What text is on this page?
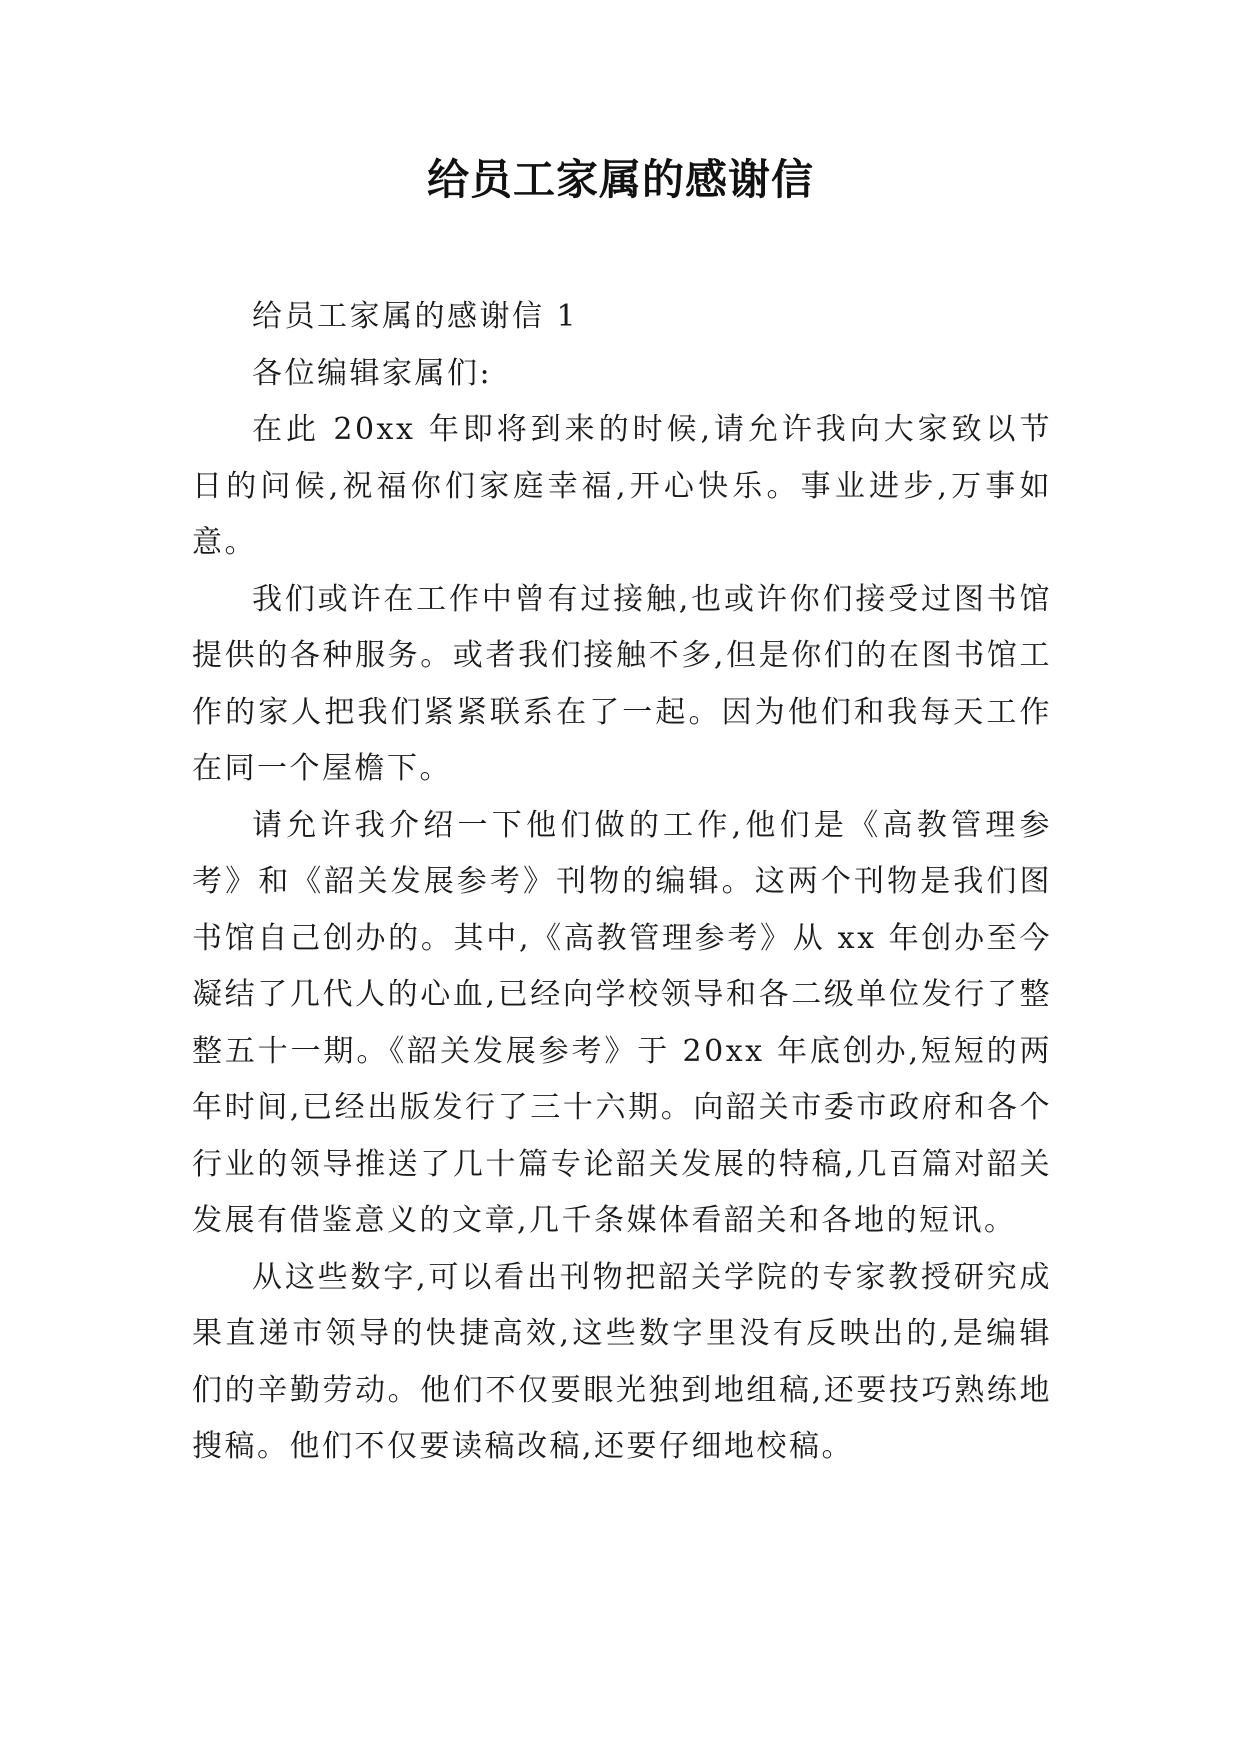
给员工家属的感谢信

给员工家属的感谢信 1

各位编辑家属们:

在此 20xx 年即将到来的时候,请允许我向大家致以节日的问候,祝福你们家庭幸福,开心快乐。事业进步,万事如意。

我们或许在工作中曾有过接触,也或许你们接受过图书馆提供的各种服务。或者我们接触不多,但是你们的在图书馆工作的家人把我们紧紧联系在了一起。因为他们和我每天工作在同一个屋檐下。

请允许我介绍一下他们做的工作,他们是《高教管理参考》和《韶关发展参考》刊物的编辑。这两个刊物是我们图书馆自己创办的。其中,《高教管理参考》从 xx 年创办至今凝结了几代人的心血,已经向学校领导和各二级单位发行了整整五十一期。《韶关发展参考》于 20xx 年底创办,短短的两年时间,已经出版发行了三十六期。向韶关市委市政府和各个行业的领导推送了几十篇专论韶关发展的特稿,几百篇对韶关发展有借鉴意义的文章,几千条媒体看韶关和各地的短讯。

从这些数字,可以看出刊物把韶关学院的专家教授研究成果直递市领导的快捷高效,这些数字里没有反映出的,是编辑们的辛勤劳动。他们不仅要眼光独到地组稿,还要技巧熟练地搜稿。他们不仅要读稿改稿,还要仔细地校稿。
